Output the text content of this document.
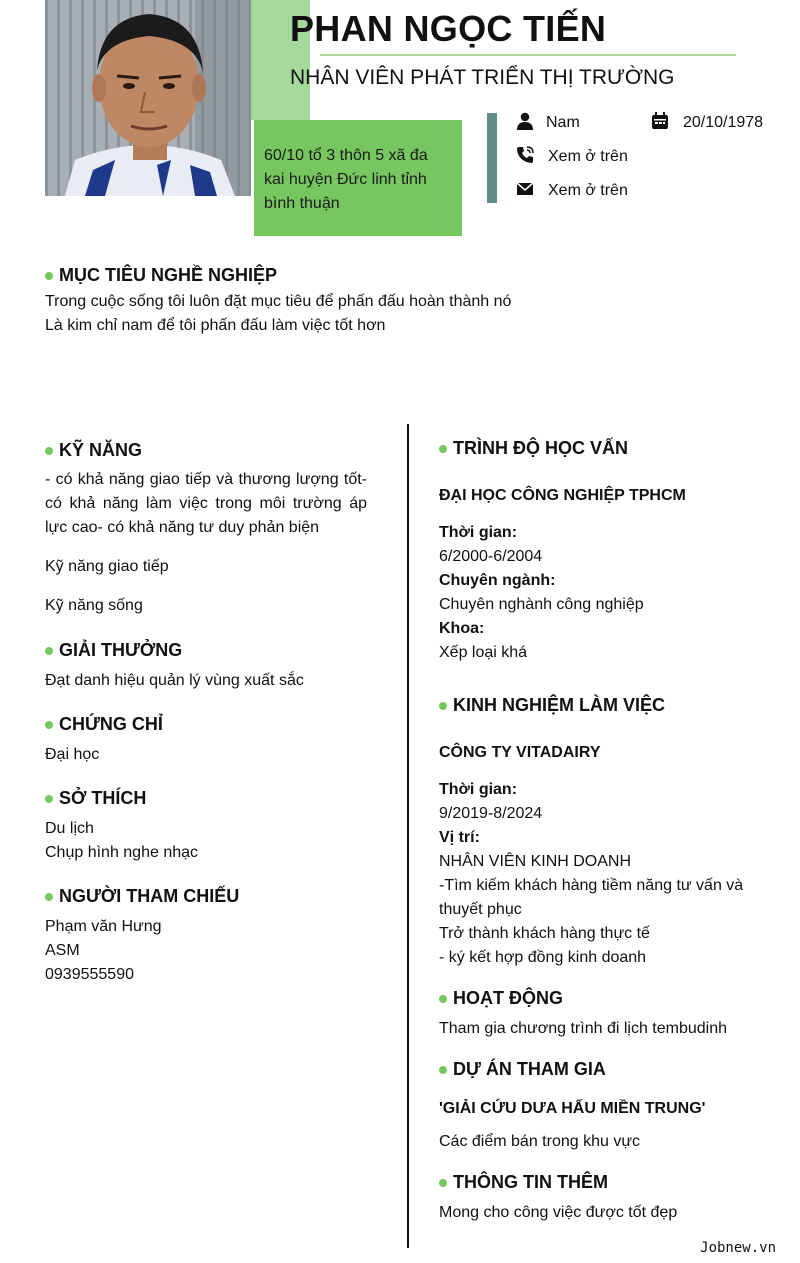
60/10 tổ 3 thôn 5 xã đa kai huyện Đức linh tỉnh bình thuận
PHAN NGỌC TIẾN
NHÂN VIÊN PHÁT TRIỂN THỊ TRƯỜNG
Nam	20/10/1978
Xem ở trên
Xem ở trên
MỤC TIÊU NGHỀ NGHIỆP
Trong cuộc sống tôi luôn đặt mục tiêu để phấn đấu hoàn thành nó
Là kim chỉ nam để tôi phấn đấu làm việc tốt hơn
KỸ NĂNG
- có khả năng giao tiếp và thương lượng tốt- có khả năng làm việc trong môi trường áp lực cao- có khả năng tư duy phản biện
Kỹ năng giao tiếp
Kỹ năng sống
GIẢI THƯỞNG
Đạt danh hiệu quản lý vùng xuất sắc
CHỨNG CHỈ
Đại học
SỞ THÍCH
Du lịch
Chụp hình nghe nhạc
NGƯỜI THAM CHIẾU
Phạm văn Hưng
ASM
0939555590
TRÌNH ĐỘ HỌC VẤN
ĐẠI HỌC CÔNG NGHIỆP TPHCM
Thời gian:
6/2000-6/2004
Chuyên ngành:
Chuyên nghành công nghiệp
Khoa:
Xếp loại khá
KINH NGHIỆM LÀM VIỆC
CÔNG TY VITADAIRY
Thời gian:
9/2019-8/2024
Vị trí:
NHÂN VIÊN KINH DOANH
-Tìm kiếm khách hàng tiềm năng tư vấn và thuyết phục
Trở thành khách hàng thực tế
- ký kết hợp đồng kinh doanh
HOẠT ĐỘNG
Tham gia chương trình đi lịch tembudinh
DỰ ÁN THAM GIA
'GIẢI CỨU DƯA HẤU MIỀN TRUNG'
Các điểm bán trong khu vực
THÔNG TIN THÊM
Mong cho công việc được tốt đẹp
Jobnew.vn
